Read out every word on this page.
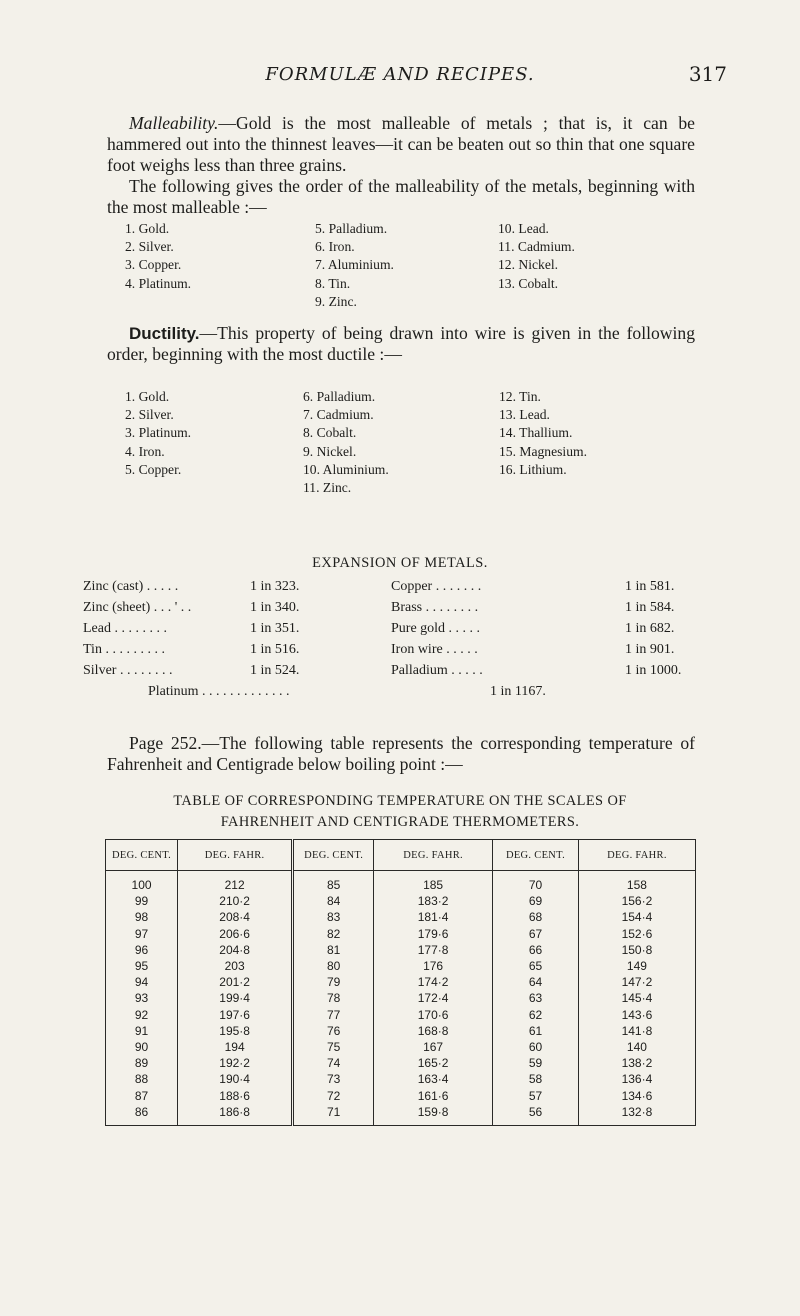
FORMULÆ AND RECIPES.	317

Malleability.—Gold is the most malleable of metals ; that is, it can be hammered out into the thinnest leaves—it can be beaten out so thin that one square foot weighs less than three grains.

The following gives the order of the malleability of the metals, beginning with the most malleable :—

1. Gold.
2. Silver.
3. Copper.
4. Platinum.
5. Palladium.
6. Iron.
7. Aluminium.
8. Tin.
9. Zinc.
10. Lead.
11. Cadmium.
12. Nickel.
13. Cobalt.

Ductility.—This property of being drawn into wire is given in the following order, beginning with the most ductile :—

1. Gold.
2. Silver.
3. Platinum.
4. Iron.
5. Copper.
6. Palladium.
7. Cadmium.
8. Cobalt.
9. Nickel.
10. Aluminium.
11. Zinc.
12. Tin.
13. Lead.
14. Thallium.
15. Magnesium.
16. Lithium.
EXPANSION OF METALS.
Zinc (cast) . . . . .	1 in 323.	Copper . . . . . . .	1 in 581.
Zinc (sheet) . . . ' . .	1 in 340.	Brass . . . . . . . .	1 in 584.
Lead . . . . . . . .	1 in 351.	Pure gold . . . . .	1 in 682.
Tin . . . . . . . . .	1 in 516.	Iron wire . . . . .	1 in 901.
Silver . . . . . . . .	1 in 524.	Palladium . . . . .	1 in 1000.
Platinum . . . . . . . . . . . . .	1 in 1167.

Page 252.—The following table represents the corresponding temperature of Fahrenheit and Centigrade below boiling point :—

TABLE OF CORRESPONDING TEMPERATURE ON THE SCALES OF
FAHRENHEIT AND CENTIGRADE THERMOMETERS.
DEG. CENT.	DEG. FAHR.	DEG. CENT.	DEG. FAHR.	DEG. CENT.	DEG. FAHR.
100	212	85	185	70	158
99	210·2	84	183·2	69	156·2
98	208·4	83	181·4	68	154·4
97	206·6	82	179·6	67	152·6
96	204·8	81	177·8	66	150·8
95	203	80	176	65	149
94	201·2	79	174·2	64	147·2
93	199·4	78	172·4	63	145·4
92	197·6	77	170·6	62	143·6
91	195·8	76	168·8	61	141·8
90	194	75	167	60	140
89	192·2	74	165·2	59	138·2
88	190·4	73	163·4	58	136·4
87	188·6	72	161·6	57	134·6
86	186·8	71	159·8	56	132·8
